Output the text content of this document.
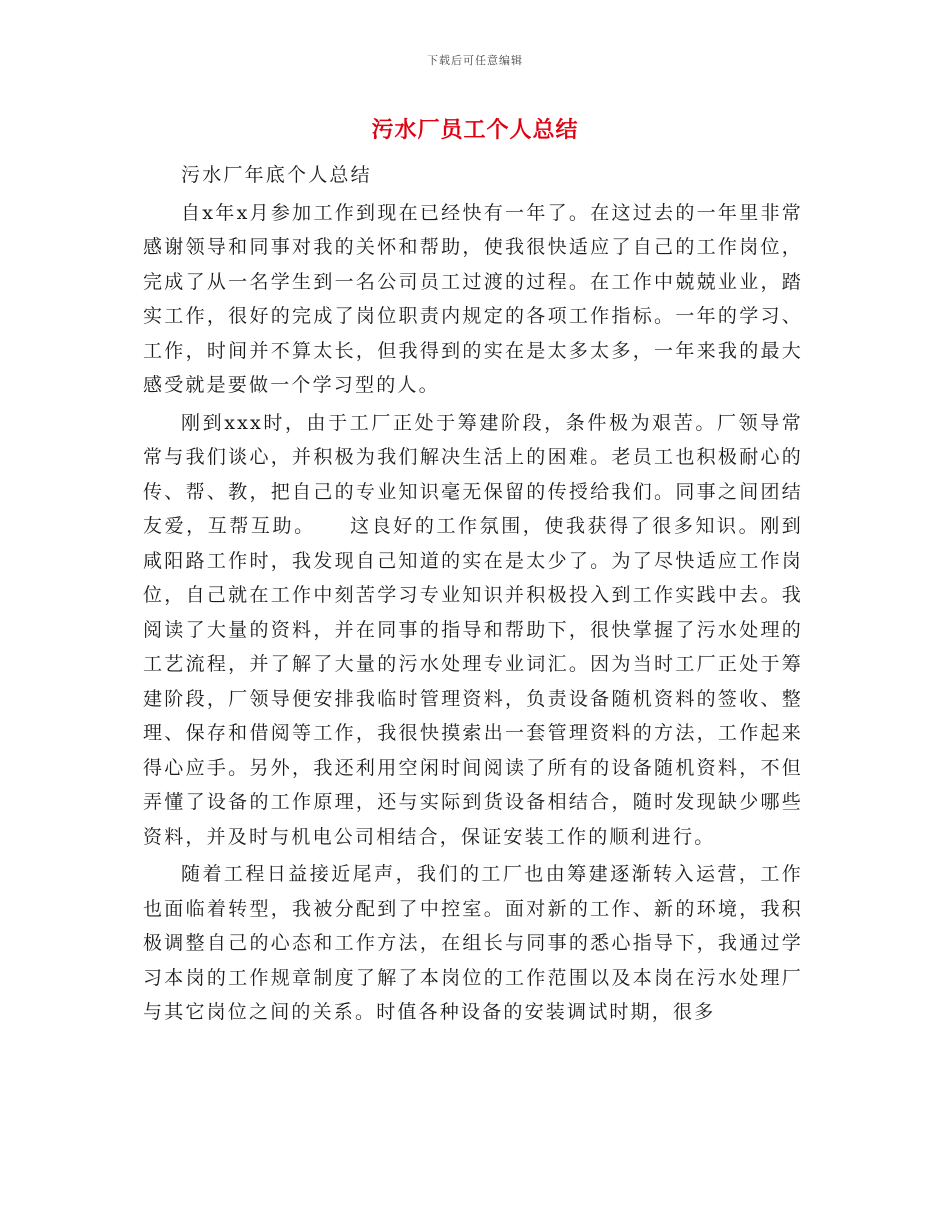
下载后可任意编辑
污水厂员工个人总结

污水厂年底个人总结

自x年x月参加工作到现在已经快有一年了。在这过去的一年里非常感谢领导和同事对我的关怀和帮助，使我很快适应了自己的工作岗位，完成了从一名学生到一名公司员工过渡的过程。在工作中兢兢业业，踏实工作，很好的完成了岗位职责内规定的各项工作指标。一年的学习、工作，时间并不算太长，但我得到的实在是太多太多，一年来我的最大感受就是要做一个学习型的人。

刚到xxx时，由于工厂正处于筹建阶段，条件极为艰苦。厂领导常常与我们谈心，并积极为我们解决生活上的困难。老员工也积极耐心的传、帮、教，把自己的专业知识毫无保留的传授给我们。同事之间团结友爱，互帮互助。    这良好的工作氛围，使我获得了很多知识。刚到咸阳路工作时，我发现自己知道的实在是太少了。为了尽快适应工作岗位，自己就在工作中刻苦学习专业知识并积极投入到工作实践中去。我阅读了大量的资料，并在同事的指导和帮助下，很快掌握了污水处理的工艺流程，并了解了大量的污水处理专业词汇。因为当时工厂正处于筹建阶段，厂领导便安排我临时管理资料，负责设备随机资料的签收、整理、保存和借阅等工作，我很快摸索出一套管理资料的方法，工作起来得心应手。另外，我还利用空闲时间阅读了所有的设备随机资料，不但弄懂了设备的工作原理，还与实际到货设备相结合，随时发现缺少哪些资料，并及时与机电公司相结合，保证安装工作的顺利进行。

随着工程日益接近尾声，我们的工厂也由筹建逐渐转入运营，工作也面临着转型，我被分配到了中控室。面对新的工作、新的环境，我积极调整自己的心态和工作方法，在组长与同事的悉心指导下，我通过学习本岗的工作规章制度了解了本岗位的工作范围以及本岗在污水处理厂与其它岗位之间的关系。时值各种设备的安装调试时期，很多
